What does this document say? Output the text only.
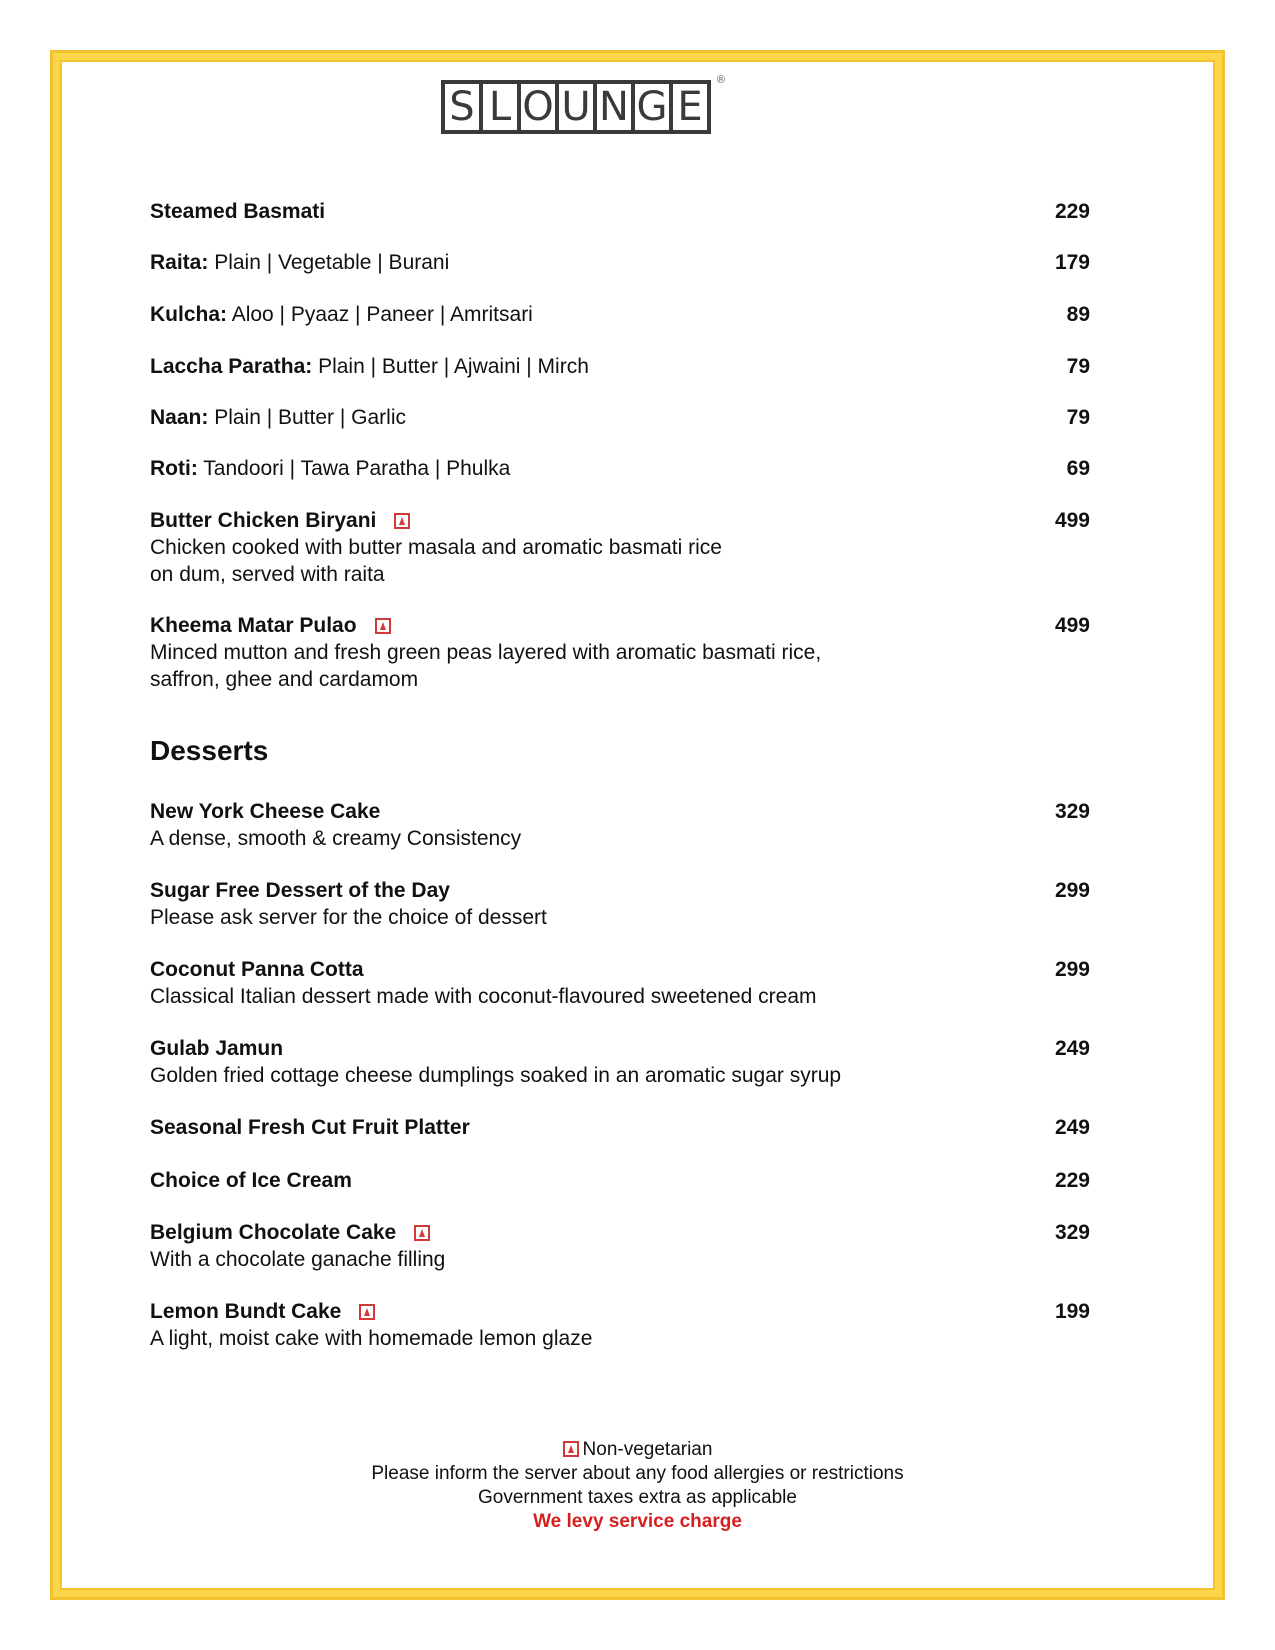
S L O U N G E
®
Steamed Basmati	229
Raita: Plain | Vegetable | Burani	179
Kulcha: Aloo | Pyaaz | Paneer | Amritsari	89
Laccha Paratha: Plain | Butter | Ajwaini | Mirch	79
Naan: Plain | Butter | Garlic	79
Roti: Tandoori | Tawa Paratha | Phulka	69
Butter Chicken Biryani	499
Chicken cooked with butter masala and aromatic basmati rice
on dum, served with raita
Kheema Matar Pulao	499
Minced mutton and fresh green peas layered with aromatic basmati rice,
saffron, ghee and cardamom
Desserts
New York Cheese Cake	329
A dense, smooth & creamy Consistency
Sugar Free Dessert of the Day	299
Please ask server for the choice of dessert
Coconut Panna Cotta	299
Classical Italian dessert made with coconut-flavoured sweetened cream
Gulab Jamun	249
Golden fried cottage cheese dumplings soaked in an aromatic sugar syrup
Seasonal Fresh Cut Fruit Platter	249
Choice of Ice Cream	229
Belgium Chocolate Cake	329
With a chocolate ganache filling
Lemon Bundt Cake	199
A light, moist cake with homemade lemon glaze
Non-vegetarian
Please inform the server about any food allergies or restrictions
Government taxes extra as applicable
We levy service charge
